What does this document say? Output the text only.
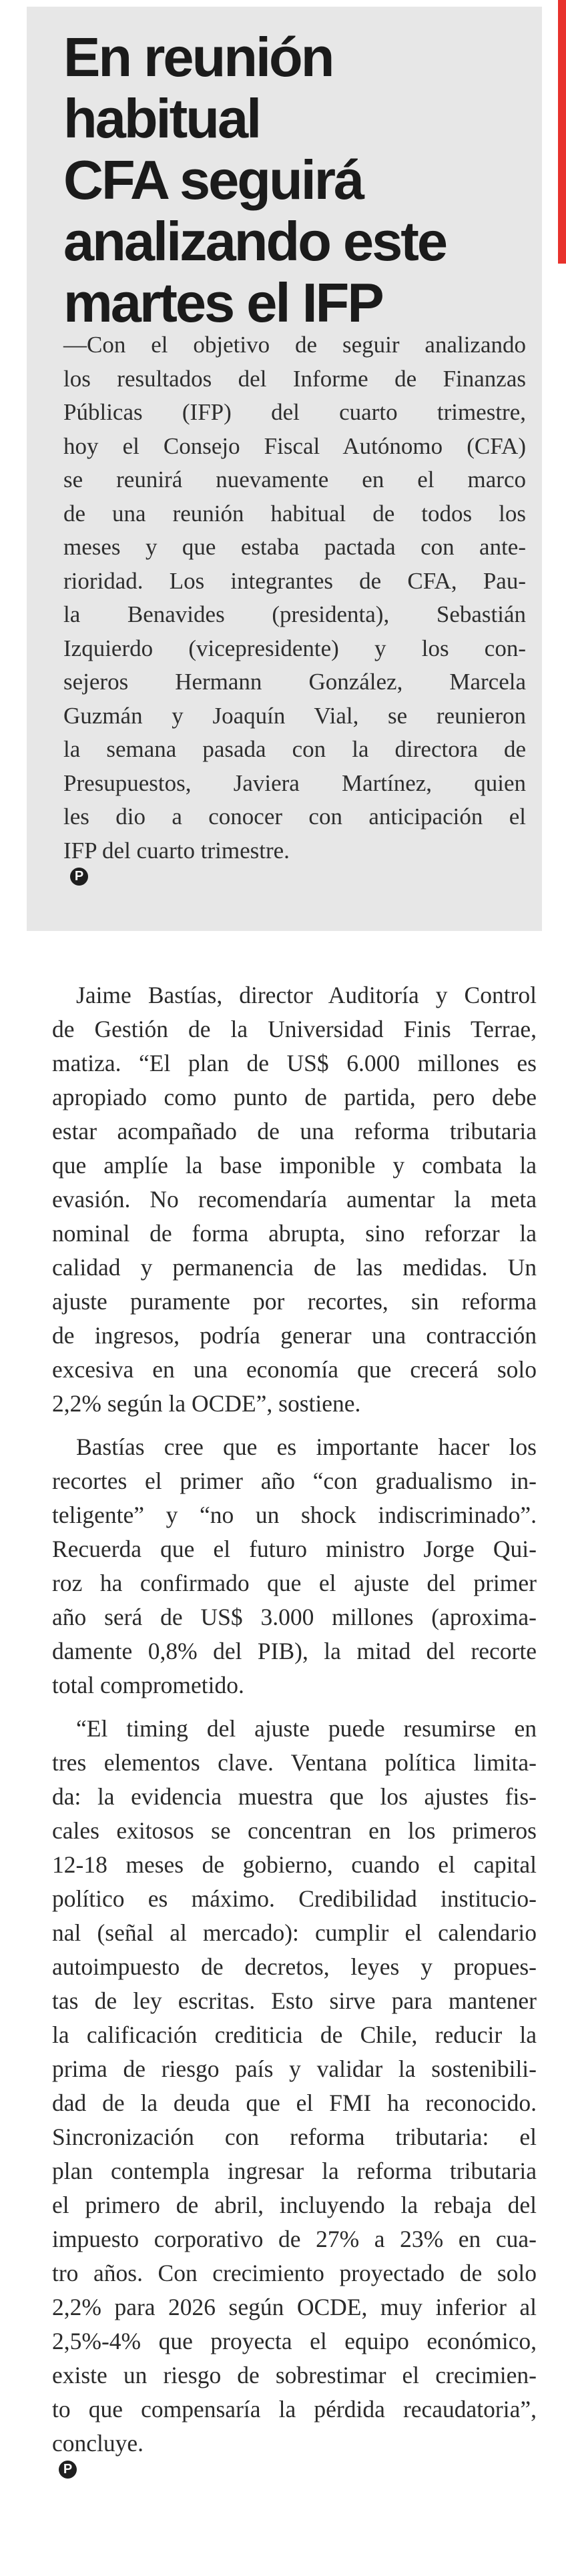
En reunión
habitual
CFA seguirá
analizando este
martes el IFP
—Con el objetivo de seguir analizando
los resultados del Informe de Finanzas
Públicas (IFP) del cuarto trimestre,
hoy el Consejo Fiscal Autónomo (CFA)
se reunirá nuevamente en el marco
de una reunión habitual de todos los
meses y que estaba pactada con ante-
rioridad. Los integrantes de CFA, Pau-
la Benavides (presidenta), Sebastián
Izquierdo (vicepresidente) y los con-
sejeros Hermann González, Marcela
Guzmán y Joaquín Vial, se reunieron
la semana pasada con la directora de
Presupuestos, Javiera Martínez, quien
les dio a conocer con anticipación el
IFP del cuarto trimestre.
P
Jaime Bastías, director Auditoría y Control
de Gestión de la Universidad Finis Terrae,
matiza. “El plan de US$ 6.000 millones es
apropiado como punto de partida, pero debe
estar acompañado de una reforma tributaria
que amplíe la base imponible y combata la
evasión. No recomendaría aumentar la meta
nominal de forma abrupta, sino reforzar la
calidad y permanencia de las medidas. Un
ajuste puramente por recortes, sin reforma
de ingresos, podría generar una contracción
excesiva en una economía que crecerá solo
2,2% según la OCDE”, sostiene.
Bastías cree que es importante hacer los
recortes el primer año “con gradualismo in-
teligente” y “no un shock indiscriminado”.
Recuerda que el futuro ministro Jorge Qui-
roz ha confirmado que el ajuste del primer
año será de US$ 3.000 millones (aproxima-
damente 0,8% del PIB), la mitad del recorte
total comprometido.
“El timing del ajuste puede resumirse en
tres elementos clave. Ventana política limita-
da: la evidencia muestra que los ajustes fis-
cales exitosos se concentran en los primeros
12-18 meses de gobierno, cuando el capital
político es máximo. Credibilidad institucio-
nal (señal al mercado): cumplir el calendario
autoimpuesto de decretos, leyes y propues-
tas de ley escritas. Esto sirve para mantener
la calificación crediticia de Chile, reducir la
prima de riesgo país y validar la sostenibili-
dad de la deuda que el FMI ha reconocido.
Sincronización con reforma tributaria: el
plan contempla ingresar la reforma tributaria
el primero de abril, incluyendo la rebaja del
impuesto corporativo de 27% a 23% en cua-
tro años. Con crecimiento proyectado de solo
2,2% para 2026 según OCDE, muy inferior al
2,5%-4% que proyecta el equipo económico,
existe un riesgo de sobrestimar el crecimien-
to que compensaría la pérdida recaudatoria”,
concluye.
P
